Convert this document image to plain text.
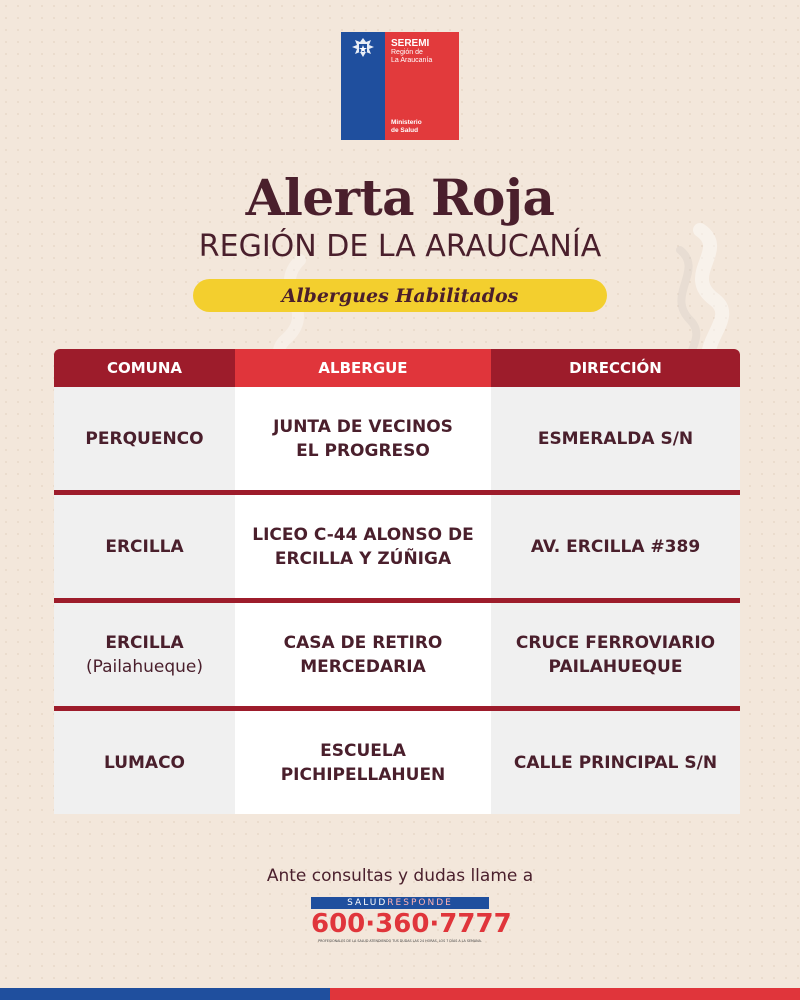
SEREMI
Región de
La Araucanía
Ministerio
de Salud
Alerta Roja
REGIÓN DE LA ARAUCANÍA
Albergues Habilitados
COMUNA	ALBERGUE	DIRECCIÓN
PERQUENCO
JUNTA DE VECINOS
EL PROGRESO
ESMERALDA S/N
ERCILLA
LICEO C-44 ALONSO DE
ERCILLA Y ZÚÑIGA
AV. ERCILLA #389
ERCILLA
(Pailahueque)
CASA DE RETIRO
MERCEDARIA
CRUCE FERROVIARIO
PAILAHUEQUE
LUMACO
ESCUELA
PICHIPELLAHUEN
CALLE PRINCIPAL S/N
Ante consultas y dudas llame a
SALUD RESPONDE
600·360·7777
PROFESIONALES DE LA SALUD ATENDIENDO TUS DUDAS LAS 24 HORAS, LOS 7 DÍAS A LA SEMANA.
